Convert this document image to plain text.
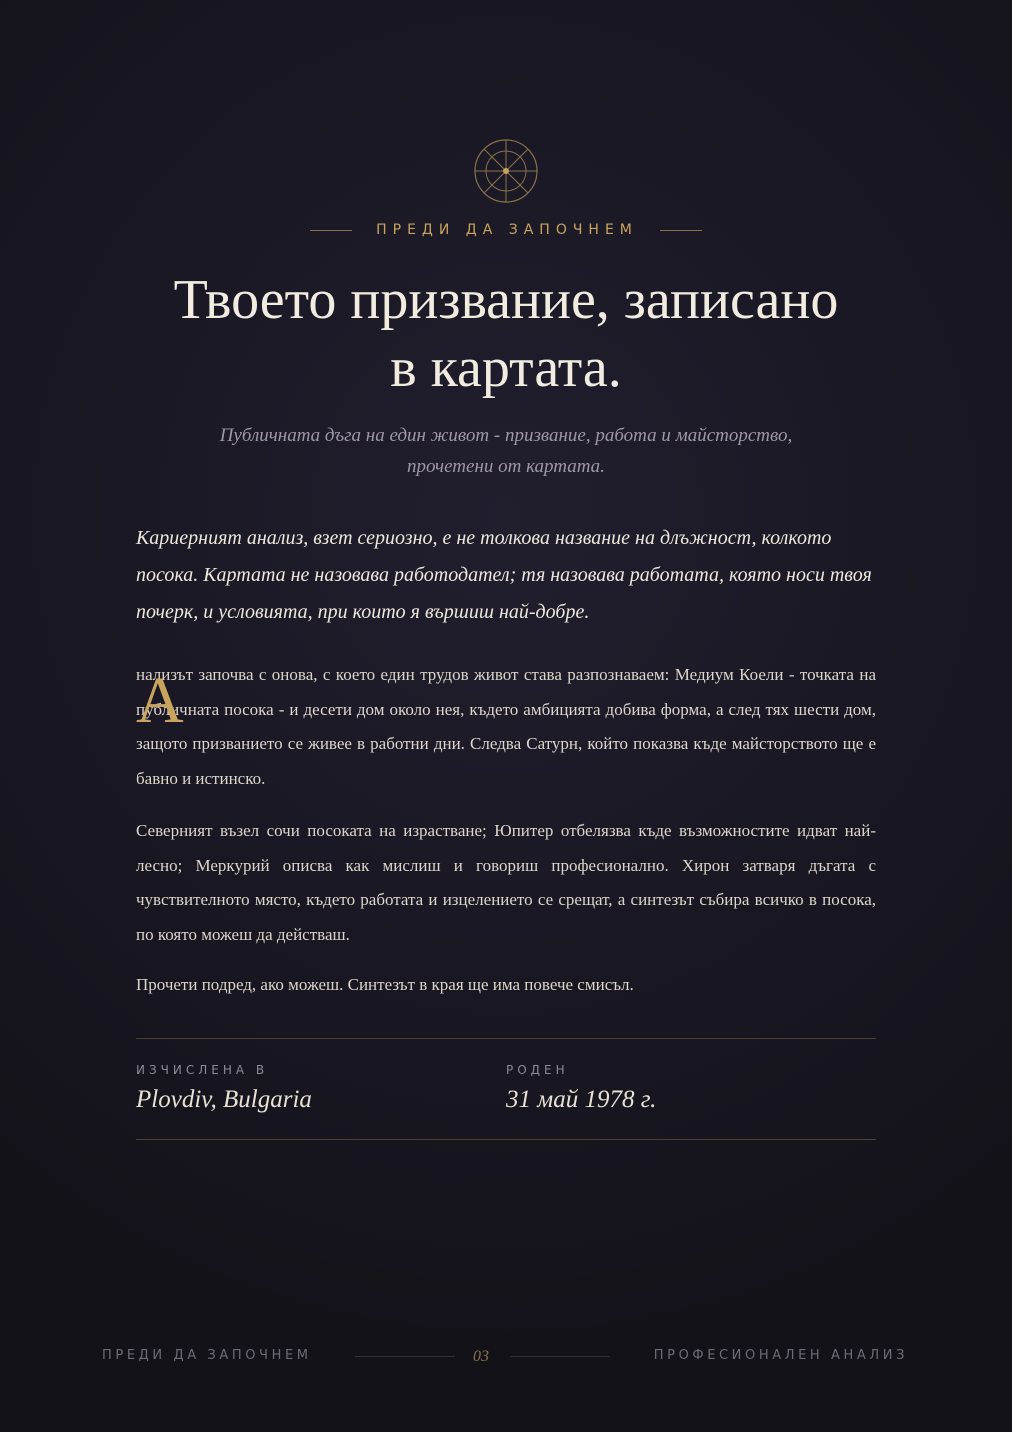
ПРЕДИ ДА ЗАПОЧНЕМ
Твоето призвание, записано
в картата.
Публичната дъга на един живот - призвание, работа и майсторство,
прочетени от картата.

Кариерният анализ, взет сериозно, е не толкова название на длъжност, колкото посока. Картата не назовава работодател; тя назовава работата, която носи твоя почерк, и условията, при които я вършиш най-добре.

А

нализът започва с онова, с което един трудов живот става разпознаваем: Медиум Коели - точката на публичната посока - и десети дом около нея, където амбицията добива форма, а след тях шести дом, защото призванието се живее в работни дни. Следва Сатурн, който показва къде майсторството ще е бавно и истинско.

Северният възел сочи посоката на израстване; Юпитер отбелязва къде възможностите идват най-лесно; Меркурий описва как мислиш и говориш професионално. Хирон затваря дъгата с чувствителното място, където работата и изцелението се срещат, а синтезът събира всичко в посока, по която можеш да действаш.

Прочети подред, ако можеш. Синтезът в края ще има повече смисъл.

ИЗЧИСЛЕНА В
Plovdiv, Bulgaria
РОДЕН
31 май 1978 г.
ПРЕДИ ДА ЗАПОЧНЕМ	03	ПРОФЕСИОНАЛЕН АНАЛИЗ
